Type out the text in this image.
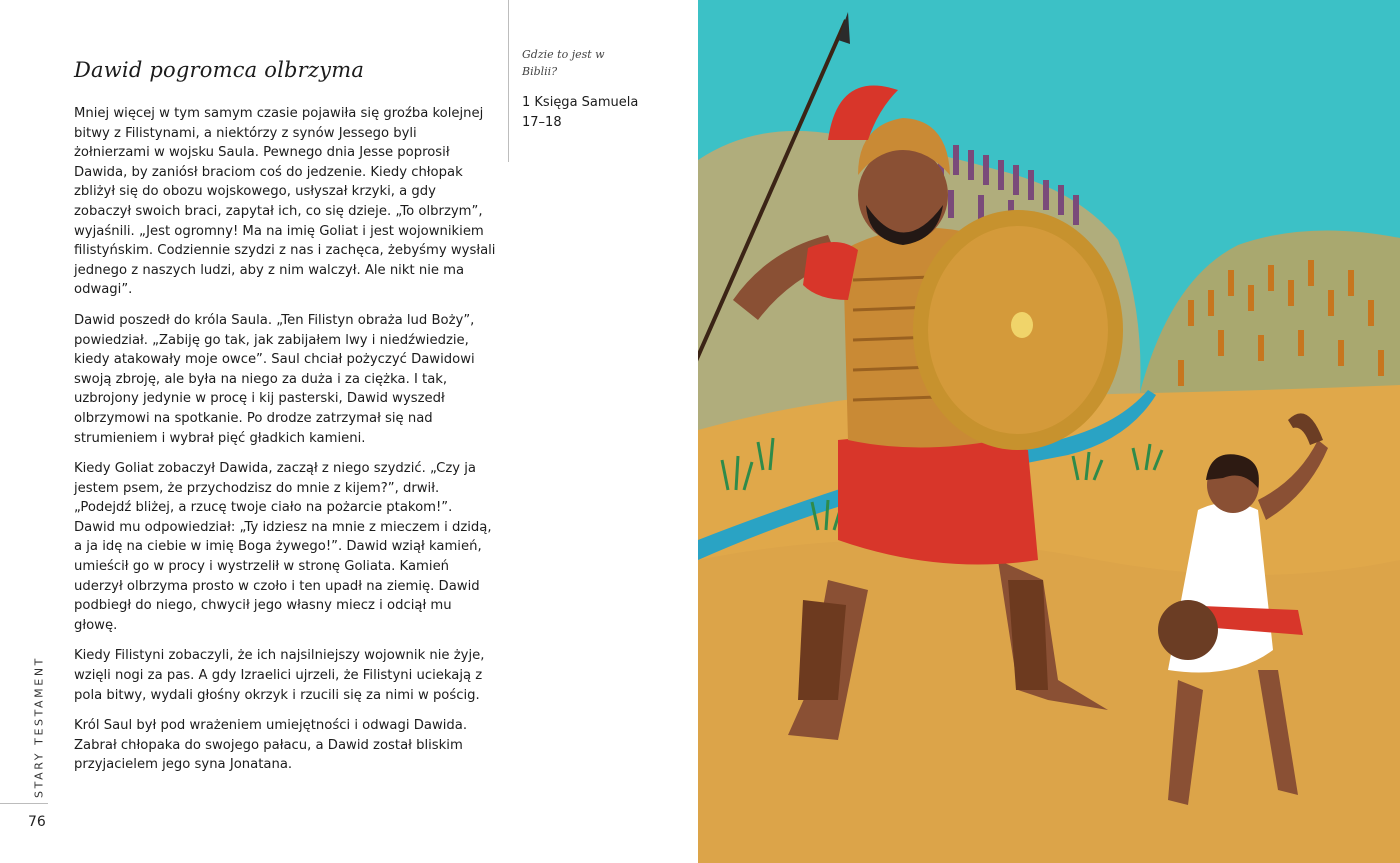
Dawid pogromca olbrzyma

Mniej więcej w tym samym czasie pojawiła się groźba kolejnej bitwy z Filistynami, a niektórzy z synów Jessego byli żołnierzami w wojsku Saula. Pewnego dnia Jesse poprosił Dawida, by zaniósł braciom coś do jedzenie. Kiedy chłopak zbliżył się do obozu wojskowego, usłyszał krzyki, a gdy zobaczył swoich braci, zapytał ich, co się dzieje. „To olbrzym”, wyjaśnili. „Jest ogromny! Ma na imię Goliat i jest wojownikiem filistyńskim. Codziennie szydzi z nas i zachęca, żebyśmy wysłali jednego z naszych ludzi, aby z nim walczył. Ale nikt nie ma odwagi”.

Dawid poszedł do króla Saula. „Ten Filistyn obraża lud Boży”, powiedział. „Zabiję go tak, jak zabijałem lwy i niedźwiedzie, kiedy atakowały moje owce”. Saul chciał pożyczyć Dawidowi swoją zbroję, ale była na niego za duża i za ciężka. I tak, uzbrojony jedynie w procę i kij pasterski, Dawid wyszedł olbrzymowi na spotkanie. Po drodze zatrzymał się nad strumieniem i wybrał pięć gładkich kamieni.

Kiedy Goliat zobaczył Dawida, zaczął z niego szydzić. „Czy ja jestem psem, że przychodzisz do mnie z kijem?”, drwił. „Podejdź bliżej, a rzucę twoje ciało na pożarcie ptakom!”. Dawid mu odpowiedział: „Ty idziesz na mnie z mieczem i dzidą, a ja idę na ciebie w imię Boga żywego!”. Dawid wziął kamień, umieścił go w procy i wystrzelił w stronę Goliata. Kamień uderzył olbrzyma prosto w czoło i ten upadł na ziemię. Dawid podbiegł do niego, chwycił jego własny miecz i odciął mu głowę.

Kiedy Filistyni zobaczyli, że ich najsilniejszy wojownik nie żyje, wzięli nogi za pas. A gdy Izraelici ujrzeli, że Filistyni uciekają z pola bitwy, wydali głośny okrzyk i rzucili się za nimi w pościg.

Król Saul był pod wrażeniem umiejętności i odwagi Dawida. Zabrał chłopaka do swojego pałacu, a Dawid został bliskim przyjacielem jego syna Jonatana.

Gdzie to jest w Biblii?
1 Księga Samuela 17–18
STARY TESTAMENT
76
